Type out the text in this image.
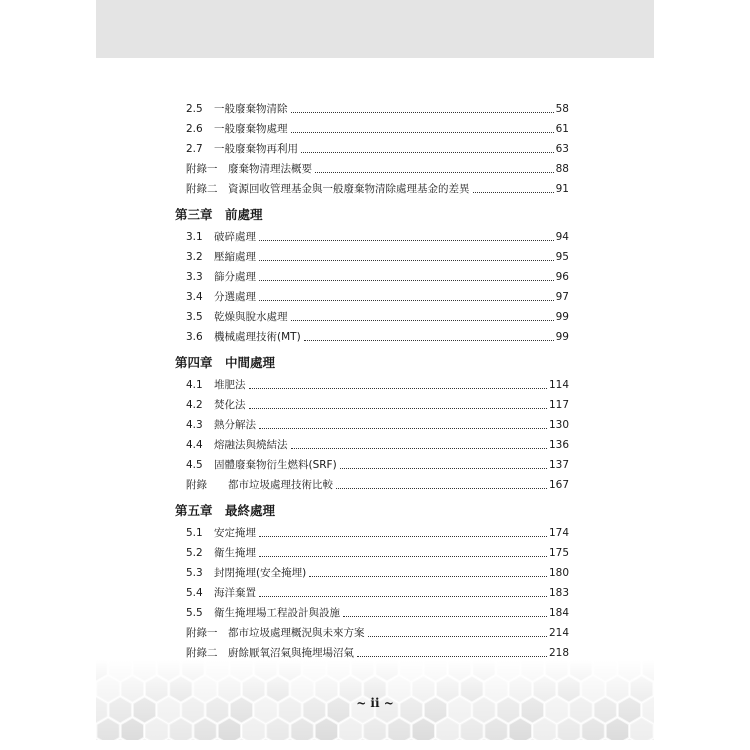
2.5	一般廢棄物清除	58
2.6	一般廢棄物處理	61
2.7	一般廢棄物再利用	63
附錄一	廢棄物清理法概要	88
附錄二	資源回收管理基金與一般廢棄物清除處理基金的差異	91
第三章 前處理
3.1	破碎處理	94
3.2	壓縮處理	95
3.3	篩分處理	96
3.4	分選處理	97
3.5	乾燥與脫水處理	99
3.6	機械處理技術(MT)	99
第四章 中間處理
4.1	堆肥法	114
4.2	焚化法	117
4.3	熱分解法	130
4.4	熔融法與燒結法	136
4.5	固體廢棄物衍生燃料(SRF)	137
附錄	都市垃圾處理技術比較	167
第五章 最終處理
5.1	安定掩埋	174
5.2	衛生掩埋	175
5.3	封閉掩埋(安全掩埋)	180
5.4	海洋棄置	183
5.5	衛生掩埋場工程設計與設施	184
附錄一	都市垃圾處理概況與未來方案	214
附錄二	廚餘厭氧沼氣與掩埋場沼氣	218
~ ii ~
